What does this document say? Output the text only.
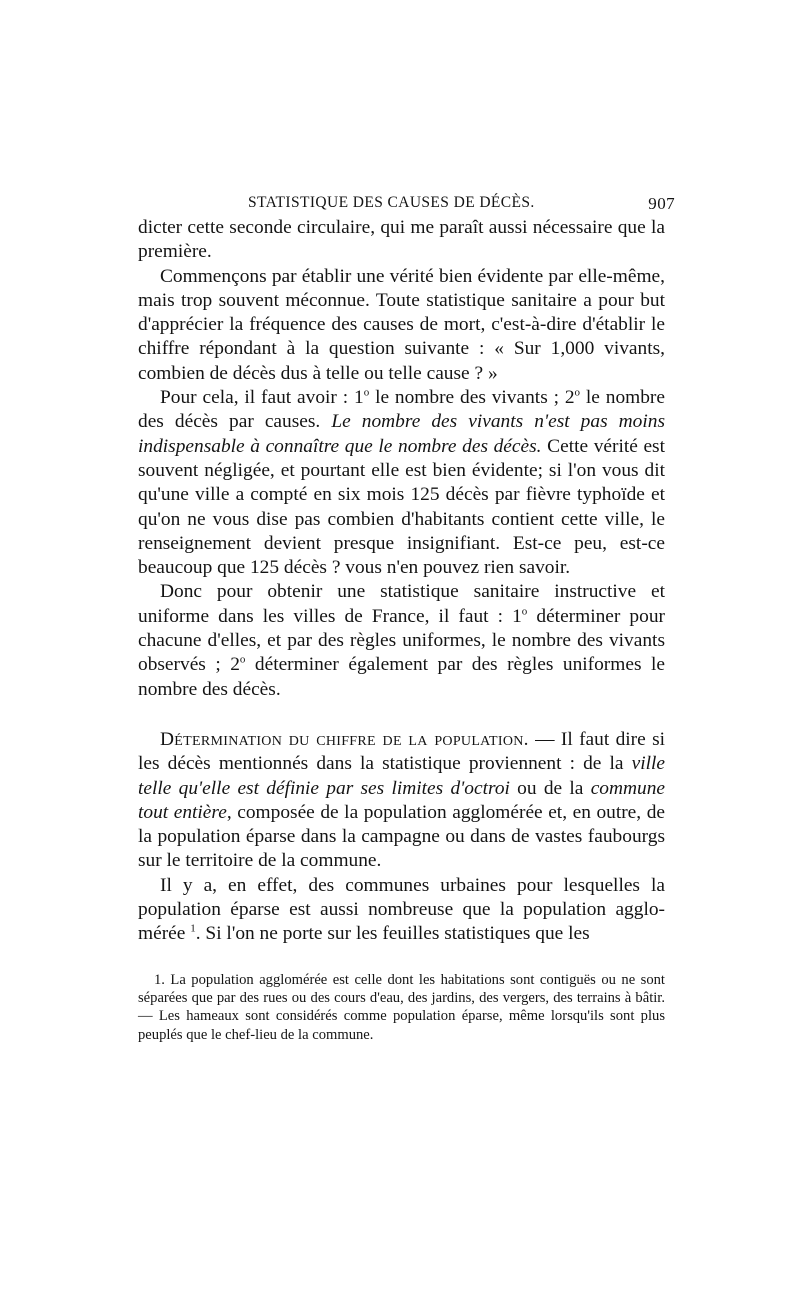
STATISTIQUE DES CAUSES DE DÉCÈS.	907

dicter cette seconde circulaire, qui me paraît aussi nécessaire que la première.

Commençons par établir une vérité bien évidente par elle-même, mais trop souvent méconnue. Toute statistique sanitaire a pour but d'apprécier la fréquence des causes de mort, c'est-à-dire d'établir le chiffre répondant à la question suivante : « Sur 1,000 vivants, combien de décès dus à telle ou telle cause ? »

Pour cela, il faut avoir : 1$^o$ le nombre des vivants ; 2$^o$ le nombre des décès par causes. Le nombre des vivants n'est pas moins indispensable à connaître que le nombre des décès. Cette vérité est souvent négligée, et pourtant elle est bien évidente; si l'on vous dit qu'une ville a compté en six mois 125 décès par fièvre typhoïde et qu'on ne vous dise pas combien d'habitants contient cette ville, le renseignement devient presque insignifiant. Est-ce peu, est-ce beaucoup que 125 décès ? vous n'en pouvez rien savoir.

Donc pour obtenir une statistique sanitaire instructive et uniforme dans les villes de France, il faut : 1$^o$ déterminer pour chacune d'elles, et par des règles uniformes, le nombre des vivants observés ; 2$^o$ déterminer également par des règles uniformes le nombre des décès.

Détermination du chiffre de la population. — Il faut dire si les décès mentionnés dans la statistique proviennent : de la ville telle qu'elle est définie par ses limites d'octroi ou de la commune tout entière, composée de la population agglomérée et, en outre, de la population éparse dans la campagne ou dans de vastes faubourgs sur le territoire de la commune.

Il y a, en effet, des communes urbaines pour lesquelles la population éparse est aussi nombreuse que la population agglomérée $^1$. Si l'on ne porte sur les feuilles statistiques que les

1. La population agglomérée est celle dont les habitations sont contiguës ou ne sont séparées que par des rues ou des cours d'eau, des jardins, des vergers, des terrains à bâtir. — Les hameaux sont considérés comme population éparse, même lorsqu'ils sont plus peuplés que le chef-lieu de la commune.
